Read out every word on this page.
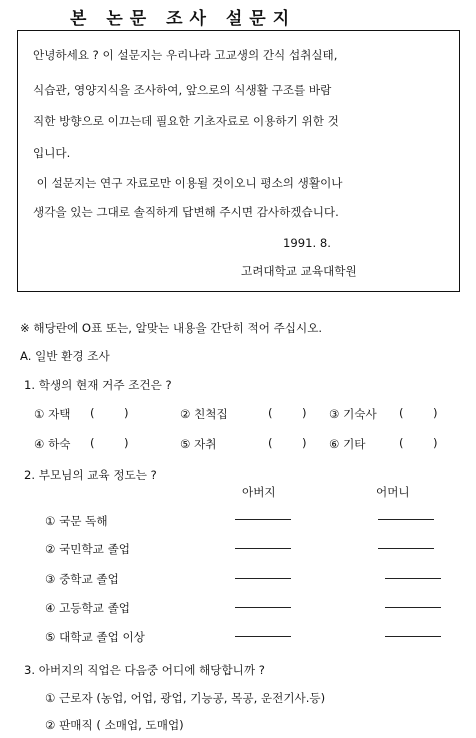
본 논문 조사 설문지
안녕하세요 ? 이 설문지는 우리나라 고교생의 간식 섭취실태,
식습관, 영양지식을 조사하여, 앞으로의 식생활 구조를 바람
직한 방향으로 이끄는데 필요한 기초자료로 이용하기 위한 것
입니다.
이 설문지는 연구 자료로만 이용될 것이오니 평소의 생활이나
생각을 있는 그대로 솔직하게 답변해 주시면 감사하겠습니다.
1991. 8.
고려대학교 교육대학원
※ 해당란에 O표 또는, 알맞는 내용을 간단히 적어 주십시오.
A. 일반 환경 조사
1. 학생의 현재 거주 조건은 ?
① 자택 (        )	② 친척집	(        ) ③ 기숙사 (        )
④ 하숙 (        )	⑤ 자취	(        ) ⑥ 기타	(        )
2. 부모님의 교육 정도는 ?
아버지	어머니
① 국문 독해
② 국민학교 졸업
③ 중학교 졸업
④ 고등학교 졸업
⑤ 대학교 졸업 이상
3. 아버지의 직업은 다음중 어디에 해당합니까 ?
① 근로자 (농업, 어업, 광업, 기능공, 목공, 운전기사.등)
② 판매직 ( 소매업, 도매업)
